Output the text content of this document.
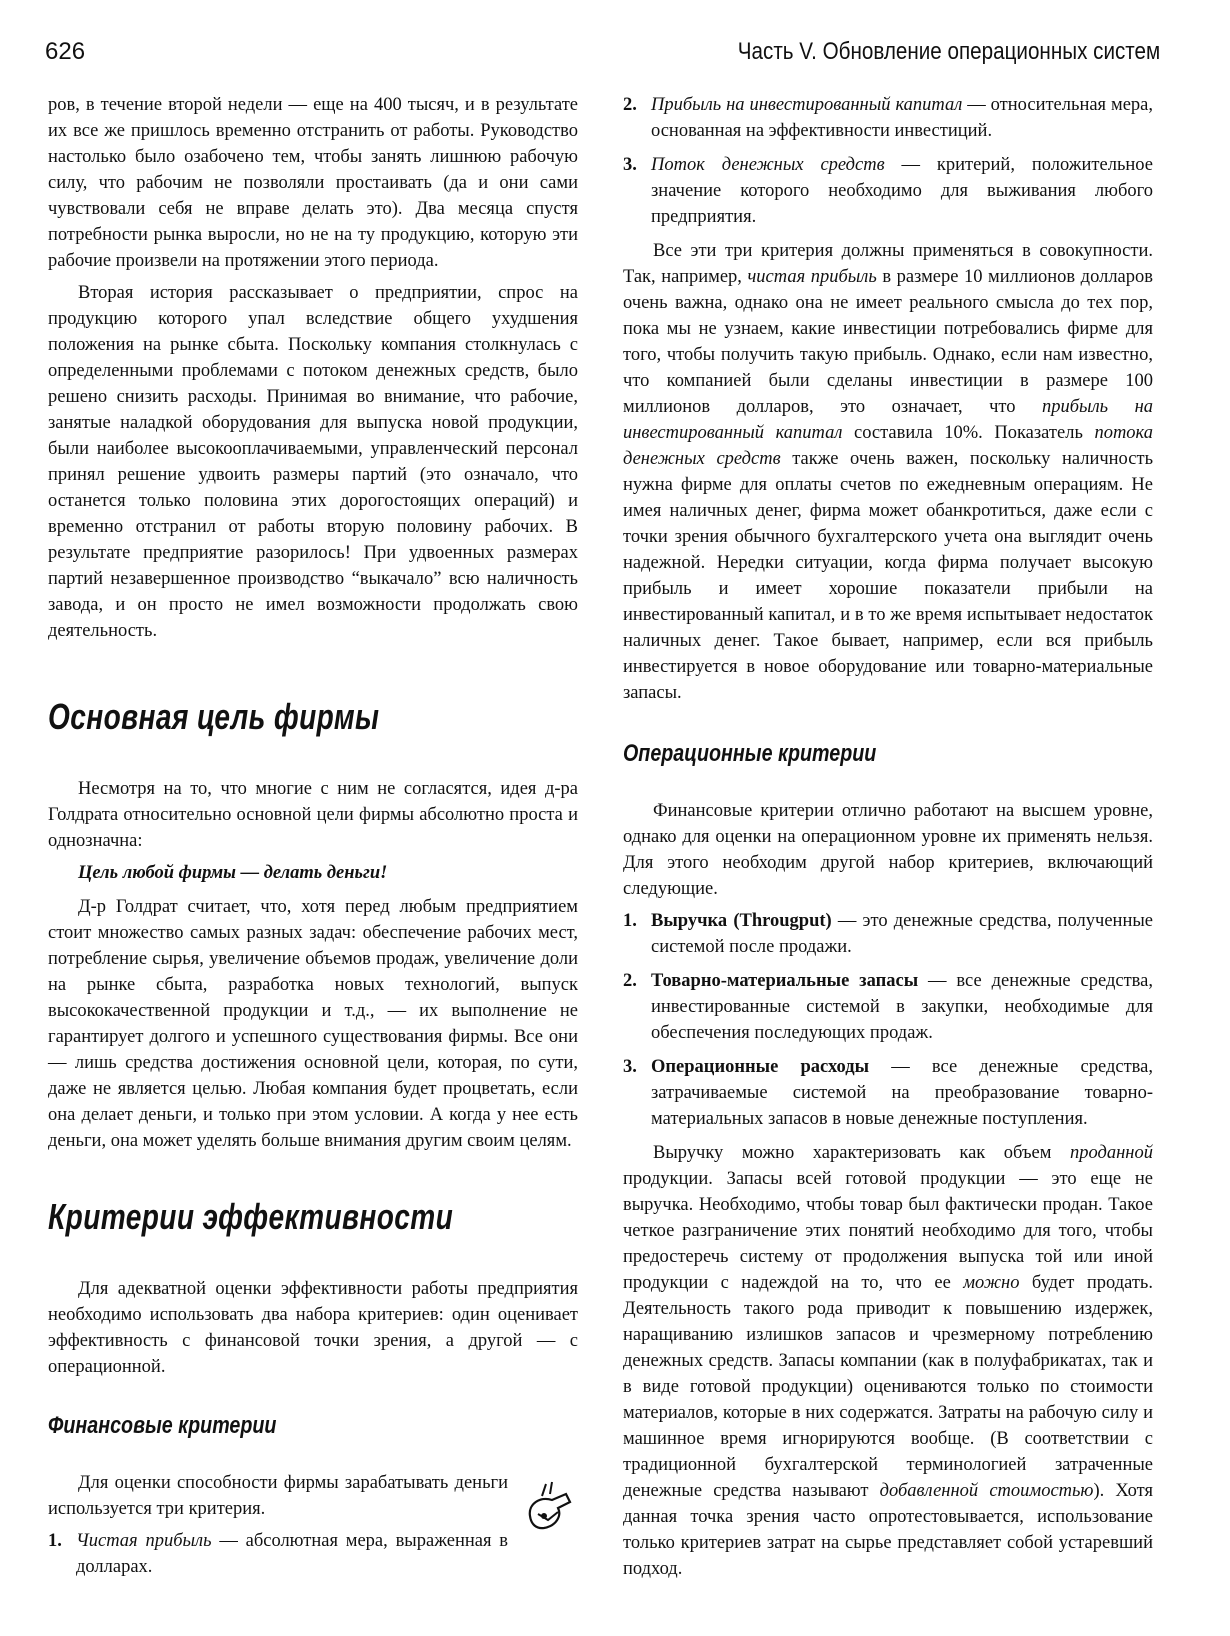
626	Часть V. Обновление операционных систем

ров, в течение второй недели — еще на 400 тысяч, и в результате их все же пришлось временно отстранить от работы. Руководство настолько было озабочено тем, чтобы занять лишнюю рабочую силу, что рабочим не позволяли простаивать (да и они сами чувствовали себя не вправе делать это). Два месяца спустя потребности рынка выросли, но не на ту продукцию, которую эти рабочие произвели на протяжении этого периода.

Вторая история рассказывает о предприятии, спрос на продукцию которого упал вследствие общего ухудшения положения на рынке сбыта. Поскольку компания столкнулась с определенными проблемами с потоком денежных средств, было решено снизить расходы. Принимая во внимание, что рабочие, занятые наладкой оборудования для выпуска новой продукции, были наиболее высокооплачиваемыми, управленческий персонал принял решение удвоить размеры партий (это означало, что останется только половина этих дорогостоящих операций) и временно отстранил от работы вторую половину рабочих. В результате предприятие разорилось! При удвоенных размерах партий незавершенное производство “выкачало” всю наличность завода, и он просто не имел возможности продолжать свою деятельность.

Основная цель фирмы

Несмотря на то, что многие с ним не согласятся, идея д-ра Голдрата относительно основной цели фирмы абсолютно проста и однозначна:

Цель любой фирмы — делать деньги!

Д-р Голдрат считает, что, хотя перед любым предприятием стоит множество самых разных задач: обеспечение рабочих мест, потребление сырья, увеличение объемов продаж, увеличение доли на рынке сбыта, разработка новых технологий, выпуск высококачественной продукции и т.д., — их выполнение не гарантирует долгого и успешного существования фирмы. Все они — лишь средства достижения основной цели, которая, по сути, даже не является целью. Любая компания будет процветать, если она делает деньги, и только при этом условии. А когда у нее есть деньги, она может уделять больше внимания другим своим целям.

Критерии эффективности

Для адекватной оценки эффективности работы предприятия необходимо использовать два набора критериев: один оценивает эффективность с финансовой точки зрения, а другой — с операционной.

Финансовые критерии

Для оценки способности фирмы зарабатывать деньги используется три критерия.

1. Чистая прибыль — абсолютная мера, выраженная в долларах.
2. Прибыль на инвестированный капитал — относительная мера, основанная на эффективности инвестиций.
3. Поток денежных средств — критерий, положительное значение которого необходимо для выживания любого предприятия.

Все эти три критерия должны применяться в совокупности. Так, например, чистая прибыль в размере 10 миллионов долларов очень важна, однако она не имеет реального смысла до тех пор, пока мы не узнаем, какие инвестиции потребовались фирме для того, чтобы получить такую прибыль. Однако, если нам известно, что компанией были сделаны инвестиции в размере 100 миллионов долларов, это означает, что прибыль на инвестированный капитал составила 10%. Показатель потока денежных средств также очень важен, поскольку наличность нужна фирме для оплаты счетов по ежедневным операциям. Не имея наличных денег, фирма может обанкротиться, даже если с точки зрения обычного бухгалтерского учета она выглядит очень надежной. Нередки ситуации, когда фирма получает высокую прибыль и имеет хорошие показатели прибыли на инвестированный капитал, и в то же время испытывает недостаток наличных денег. Такое бывает, например, если вся прибыль инвестируется в новое оборудование или товарно-материальные запасы.

Операционные критерии

Финансовые критерии отлично работают на высшем уровне, однако для оценки на операционном уровне их применять нельзя. Для этого необходим другой набор критериев, включающий следующие.

1. Выручка (Througput) — это денежные средства, полученные системой после продажи.
2. Товарно-материальные запасы — все денежные средства, инвестированные системой в закупки, необходимые для обеспечения последующих продаж.
3. Операционные расходы — все денежные средства, затрачиваемые системой на преобразование товарно-материальных запасов в новые денежные поступления.

Выручку можно характеризовать как объем проданной продукции. Запасы всей готовой продукции — это еще не выручка. Необходимо, чтобы товар был фактически продан. Такое четкое разграничение этих понятий необходимо для того, чтобы предостеречь систему от продолжения выпуска той или иной продукции с надеждой на то, что ее можно будет продать. Деятельность такого рода приводит к повышению издержек, наращиванию излишков запасов и чрезмерному потреблению денежных средств. Запасы компании (как в полуфабрикатах, так и в виде готовой продукции) оцениваются только по стоимости материалов, которые в них содержатся. Затраты на рабочую силу и машинное время игнорируются вообще. (В соответствии с традиционной бухгалтерской терминологией затраченные денежные средства называют добавленной стоимостью). Хотя данная точка зрения часто опротестовывается, использование только критериев затрат на сырье представляет собой устаревший подход.
